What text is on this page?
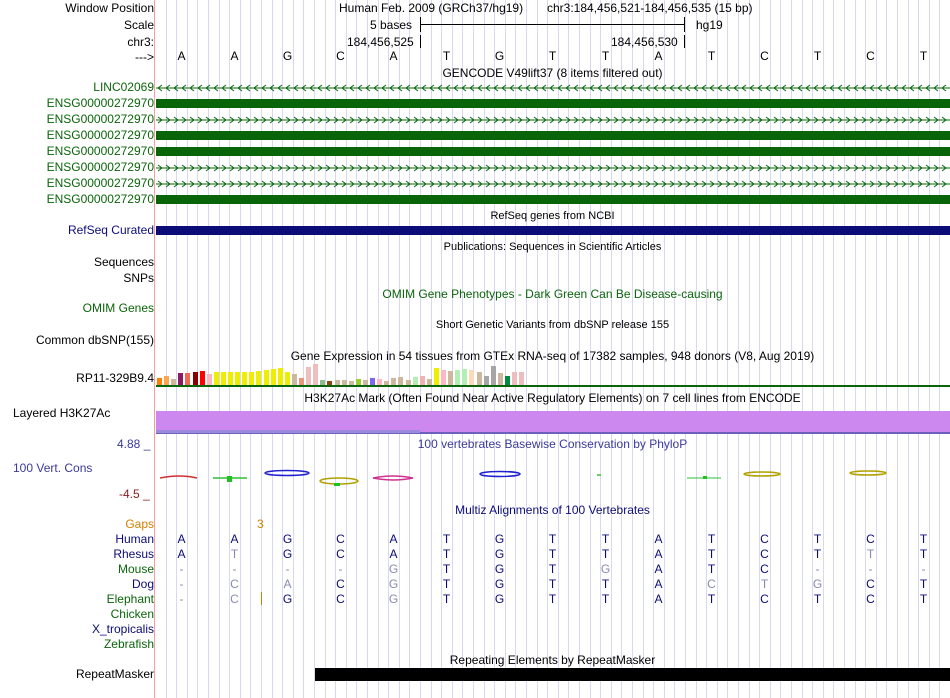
Window Position
Scale
chr3:
--->
Human Feb. 2009 (GRCh37/hg19) chr3:184,456,521-184,456,535 (15 bp)
5 bases	hg19
184,456,525	184,456,530
A	A	G	C	A	T	G	T	T	A	T	C	T	C	T
GENCODE V49lift37 (8 items filtered out)
LINC02069
ENSG00000272970
ENSG00000272970
ENSG00000272970
ENSG00000272970
ENSG00000272970
ENSG00000272970
ENSG00000272970
RefSeq genes from NCBI
RefSeq Curated
Publications: Sequences in Scientific Articles
Sequences
SNPs
OMIM Gene Phenotypes - Dark Green Can Be Disease-causing
OMIM Genes
Short Genetic Variants from dbSNP release 155
Common dbSNP(155)
Gene Expression in 54 tissues from GTEx RNA-seq of 17382 samples, 948 donors (V8, Aug 2019)
RP11-329B9.4
H3K27Ac Mark (Often Found Near Active Regulatory Elements) on 7 cell lines from ENCODE
Layered H3K27Ac
100 vertebrates Basewise Conservation by PhyloP
4.88 _
100 Vert. Cons
-4.5 _
Multiz Alignments of 100 Vertebrates
Gaps	3
Human	A	A	G	C	A	T	G	T	T	A	T	C	T	C	T
Rhesus	A	T	G	C	A	T	G	T	T	A	T	C	T	T	T
Mouse	-	-	-	-	G	T	G	T	G	A	T	C	-	-	-
Dog	-	C	A	C	G	T	G	T	T	A	C	T	G	C	T
Elephant	-	C	G	C	G	T	G	T	T	A	T	C	T	C	T
Chicken
X_tropicalis
Zebrafish
Repeating Elements by RepeatMasker
RepeatMasker
